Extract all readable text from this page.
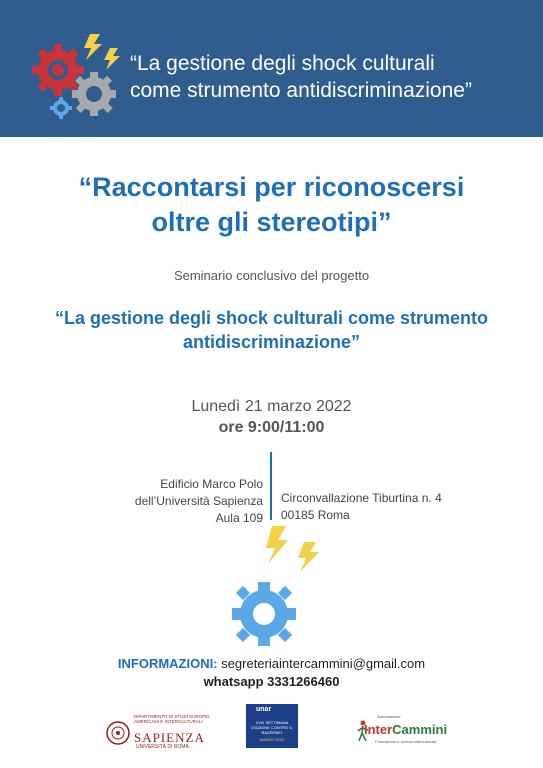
“La gestione degli shock culturali
come strumento antidiscriminazione”
“Raccontarsi per riconoscersi
oltre gli stereotipi”
Seminario conclusivo del progetto
“La gestione degli shock culturali come strumento
antidiscriminazione”
Lunedì 21 marzo 2022
ore 9:00/11:00
Edificio Marco Polo
dell’Università Sapienza
Aula 109
Circonvallazione Tiburtina n. 4
00185 Roma
INFORMAZIONI: segreteriaintercammini@gmail.com
whatsapp 3331266460
DIPARTIMENTO DI STUDI EUROPEI AMERICANI E INTERCULTURALI
SAPIENZA
UNIVERSITÀ DI ROMA
unar
XVIII SETTIMANA D'AZIONE CONTRO IL RAZZISMO
MARZO 2022
Associazione
InterCammini
Formazione e ricerca interculturale
